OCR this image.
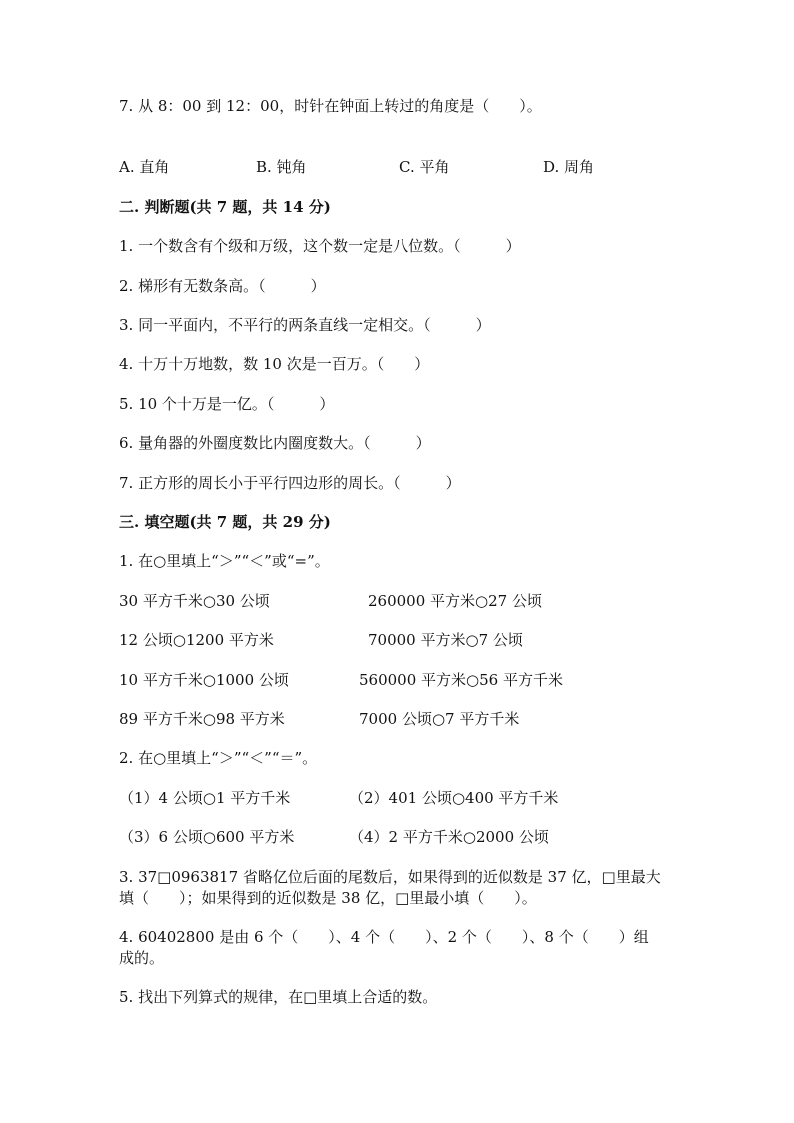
7. 从 8：00 到 12：00，时针在钟面上转过的角度是（　　）。
A. 直角	B. 钝角	C. 平角	D. 周角
二. 判断题(共 7 题，共 14 分)
1. 一个数含有个级和万级，这个数一定是八位数。（　　　）
2. 梯形有无数条高。（　　　）
3. 同一平面内，不平行的两条直线一定相交。（　　　）
4. 十万十万地数，数 10 次是一百万。（　　）
5. 10 个十万是一亿。（　　　）
6. 量角器的外圈度数比内圈度数大。（　　　）
7. 正方形的周长小于平行四边形的周长。（　　　）
三. 填空题(共 7 题，共 29 分)
1. 在○里填上“＞”“＜”或“=”。
30 平方千米○30 公顷	260000 平方米○27 公顷
12 公顷○1200 平方米	70000 平方米○7 公顷
10 平方千米○1000 公顷	560000 平方米○56 平方千米
89 平方千米○98 平方米	7000 公顷○7 平方千米
2. 在○里填上“＞”“＜”“＝”。
（1）4 公顷○1 平方千米	（2）401 公顷○400 平方千米
（3）6 公顷○600 平方米	（4）2 平方千米○2000 公顷
3. 37□0963817 省略亿位后面的尾数后，如果得到的近似数是 37 亿，□里最大
填（　　）；如果得到的近似数是 38 亿，□里最小填（　　）。
4. 60402800 是由 6 个（　　）、4 个（　　）、2 个（　　）、8 个（　　）组
成的。
5. 找出下列算式的规律，在□里填上合适的数。
